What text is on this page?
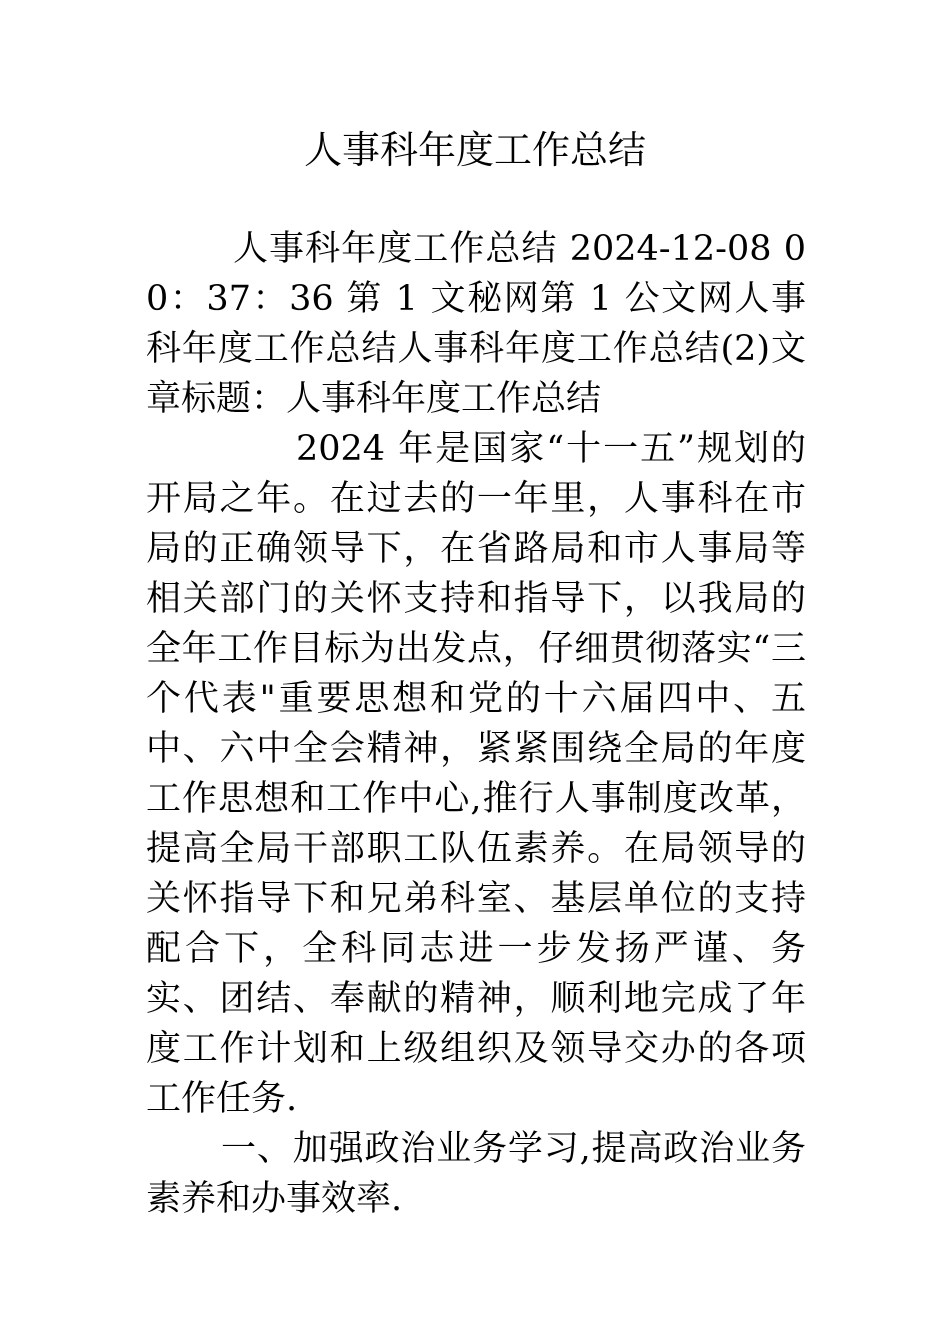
人事科年度工作总结

人事科年度工作总结 2024-12-08 00：37：36 第 1 文秘网第 1 公文网人事科年度工作总结人事科年度工作总结(2)文章标题：人事科年度工作总结

2024 年是国家“十一五”规划的开局之年。在过去的一年里，人事科在市局的正确领导下，在省路局和市人事局等相关部门的关怀支持和指导下，以我局的全年工作目标为出发点，仔细贯彻落实“三个代表"重要思想和党的十六届四中、五中、六中全会精神，紧紧围绕全局的年度工作思想和工作中心,推行人事制度改革，提高全局干部职工队伍素养。在局领导的关怀指导下和兄弟科室、基层单位的支持配合下，全科同志进一步发扬严谨、务实、团结、奉献的精神，顺利地完成了年度工作计划和上级组织及领导交办的各项工作任务.

一、加强政治业务学习,提高政治业务素养和办事效率.
